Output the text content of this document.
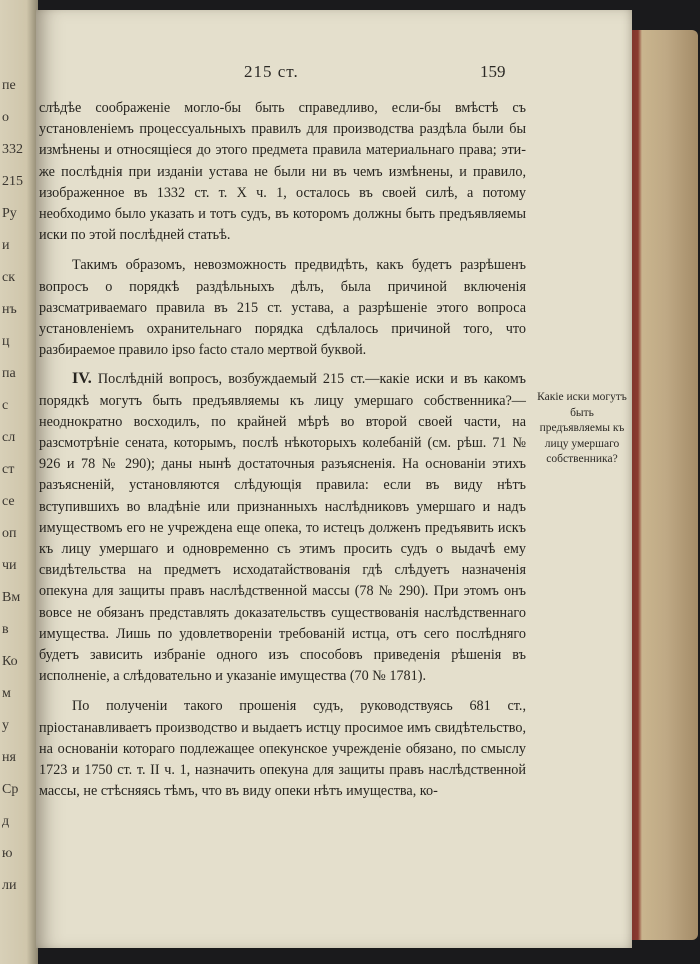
пе
о
332
215
Ру
и
ск
нъ
ц
па
с
сл
ст
се
оп
чи
Вм
в
Ко
м
у
ня
Ср
д
ю
ли
215 ст.	159

слѣдѣе соображеніе могло-бы быть справедливо, если-бы вмѣстѣ съ установленіемъ процессуальныхъ правилъ для производства раздѣла были бы измѣнены и относящіеся до этого предмета правила материальнаго права; эти-же послѣднія при изданіи устава не были ни въ чемъ измѣнены, и правило, изображенное въ 1332 ст. т. X ч. 1, осталось въ своей силѣ, а потому необходимо было указать и тотъ судъ, въ которомъ должны быть предъявляемы иски по этой послѣдней статьѣ.

Такимъ образомъ, невозможность предвидѣть, какъ будетъ разрѣшенъ вопросъ о порядкѣ раздѣльныхъ дѣлъ, была причиной включенія разсматриваемаго правила въ 215 ст. устава, а разрѣшеніе этого вопроса установленіемъ охранительнаго порядка сдѣлалось причиной того, что разбираемое правило ipso facto стало мертвой буквой.

IV. Послѣдній вопросъ, возбуждаемый 215 ст.—какіе иски и въ какомъ порядкѣ могутъ быть предъявляемы къ лицу умершаго собственника?—неоднократно восходилъ, по крайней мѣрѣ во второй своей части, на разсмотрѣніе сената, которымъ, послѣ нѣкоторыхъ колебаній (см. рѣш. 71 № 926 и 78 № 290); даны нынѣ достаточныя разъясненія. На основаніи этихъ разъясненій, установляются слѣдующія правила: если въ виду нѣтъ вступившихъ во владѣніе или признанныхъ наслѣдниковъ умершаго и надъ имуществомъ его не учреждена еще опека, то истецъ долженъ предъявить искъ къ лицу умершаго и одновременно съ этимъ просить судъ о выдачѣ ему свидѣтельства на предметъ исходатайствованія гдѣ слѣдуетъ назначенія опекуна для защиты правъ наслѣдственной массы (78 № 290). При этомъ онъ вовсе не обязанъ представлять доказательствъ существованія наслѣдственнаго имущества. Лишь по удовлетвореніи требованій истца, отъ сего послѣдняго будетъ зависить избраніе одного изъ способовъ приведенія рѣшенія въ исполненіе, а слѣдовательно и указаніе имущества (70 № 1781).

По полученіи такого прошенія судъ, руководствуясь 681 ст., пріостанавливаетъ производство и выдаетъ истцу просимое имъ свидѣтельство, на основаніи котораго подлежащее опекунское учрежденіе обязано, по смыслу 1723 и 1750 ст. т. II ч. 1, назначить опекуна для защиты правъ наслѣдственной массы, не стѣсняясь тѣмъ, что въ виду опеки нѣтъ имущества, ко-

Какіе иски могутъ быть предъявляемы къ лицу умершаго собственника?
